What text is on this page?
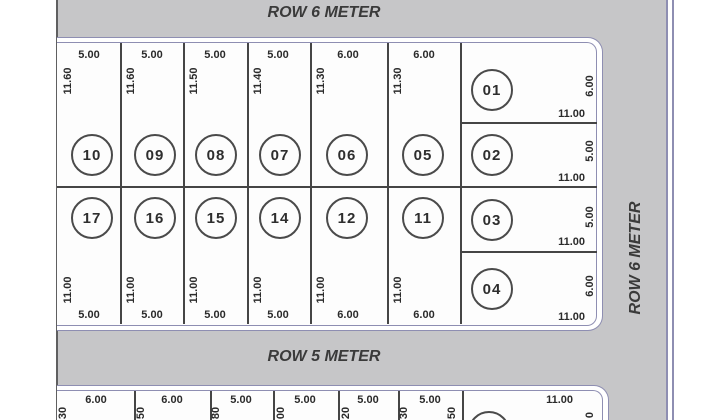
ROW 6 METER
ROW 6 METER
ROW 5 METER
5.00	5.00	5.00	5.00	6.00	6.00
11.60	11.60	11.50	11.40	11.30	11.30
10	09	08	07	06	05
17	16	15	14	12	11
11.00	11.00	11.00	11.00	11.00	11.00
5.00	5.00	5.00	5.00	6.00	6.00
01
02
03
04
11.00
11.00
11.00
11.00
6.00
5.00
5.00
6.00
6.00	6.00	5.00	5.00	5.00	5.00	11.00
30	50	80	00	20	30	50	0
